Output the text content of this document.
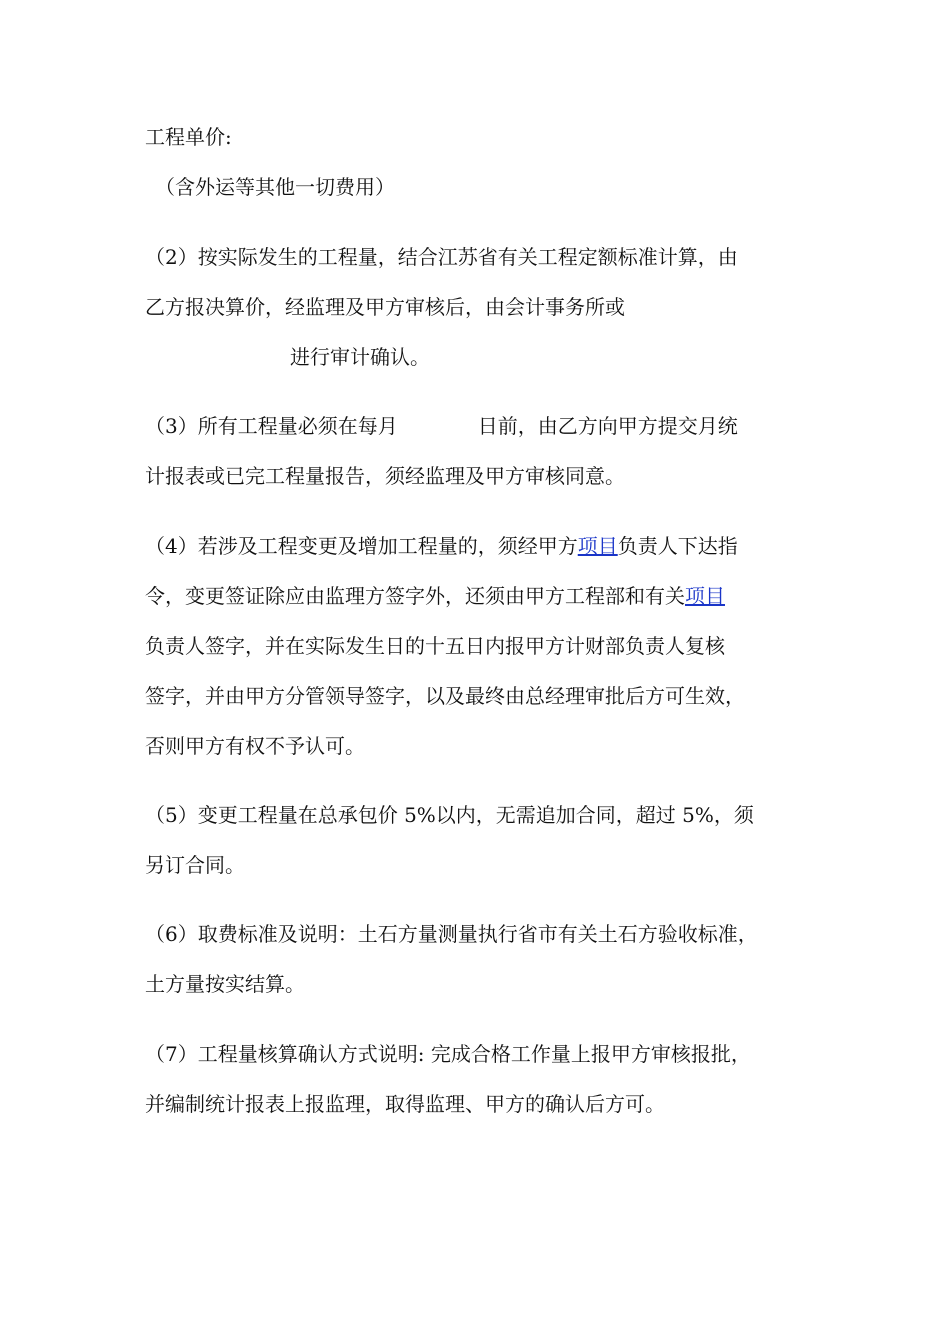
工程单价:
（含外运等其他一切费用）
（2）按实际发生的工程量，结合江苏省有关工程定额标准计算，由
乙方报决算价，经监理及甲方审核后，由会计事务所或
进行审计确认。
（3）所有工程量必须在每月	日前，由乙方向甲方提交月统
计报表或已完工程量报告，须经监理及甲方审核同意。
（4）若涉及工程变更及增加工程量的，须经甲方项目负责人下达指
令，变更签证除应由监理方签字外，还须由甲方工程部和有关项目
负责人签字，并在实际发生日的十五日内报甲方计财部负责人复核
签字，并由甲方分管领导签字，以及最终由总经理审批后方可生效，
否则甲方有权不予认可。
（5）变更工程量在总承包价 5%以内，无需追加合同，超过 5%，须
另订合同。
（6）取费标准及说明：土石方量测量执行省市有关土石方验收标准，
土方量按实结算。
（7）工程量核算确认方式说明: 完成合格工作量上报甲方审核报批，
并编制统计报表上报监理，取得监理、甲方的确认后方可。
